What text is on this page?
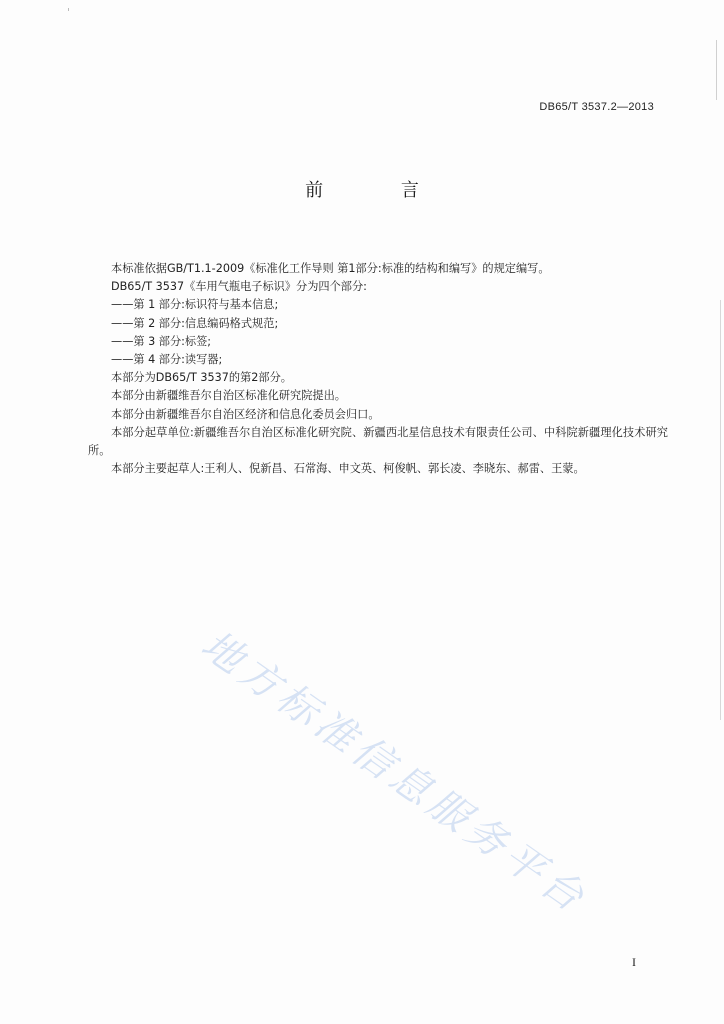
DB65/T 3537.2—2013
前 言

本标准依据GB/T1.1-2009《标准化工作导则 第1部分:标准的结构和编写》的规定编写。

DB65/T 3537《车用气瓶电子标识》分为四个部分:

——第 1 部分:标识符与基本信息;

——第 2 部分:信息编码格式规范;

——第 3 部分:标签;

——第 4 部分:读写器;

本部分为DB65/T 3537的第2部分。

本部分由新疆维吾尔自治区标准化研究院提出。

本部分由新疆维吾尔自治区经济和信息化委员会归口。

本部分起草单位:新疆维吾尔自治区标准化研究院、新疆西北星信息技术有限责任公司、中科院新疆理化技术研究所。

本部分主要起草人:王利人、倪新昌、石常海、申文英、柯俊帆、郭长凌、李晓东、郝雷、王蒙。

地方标准信息服务平台
I
